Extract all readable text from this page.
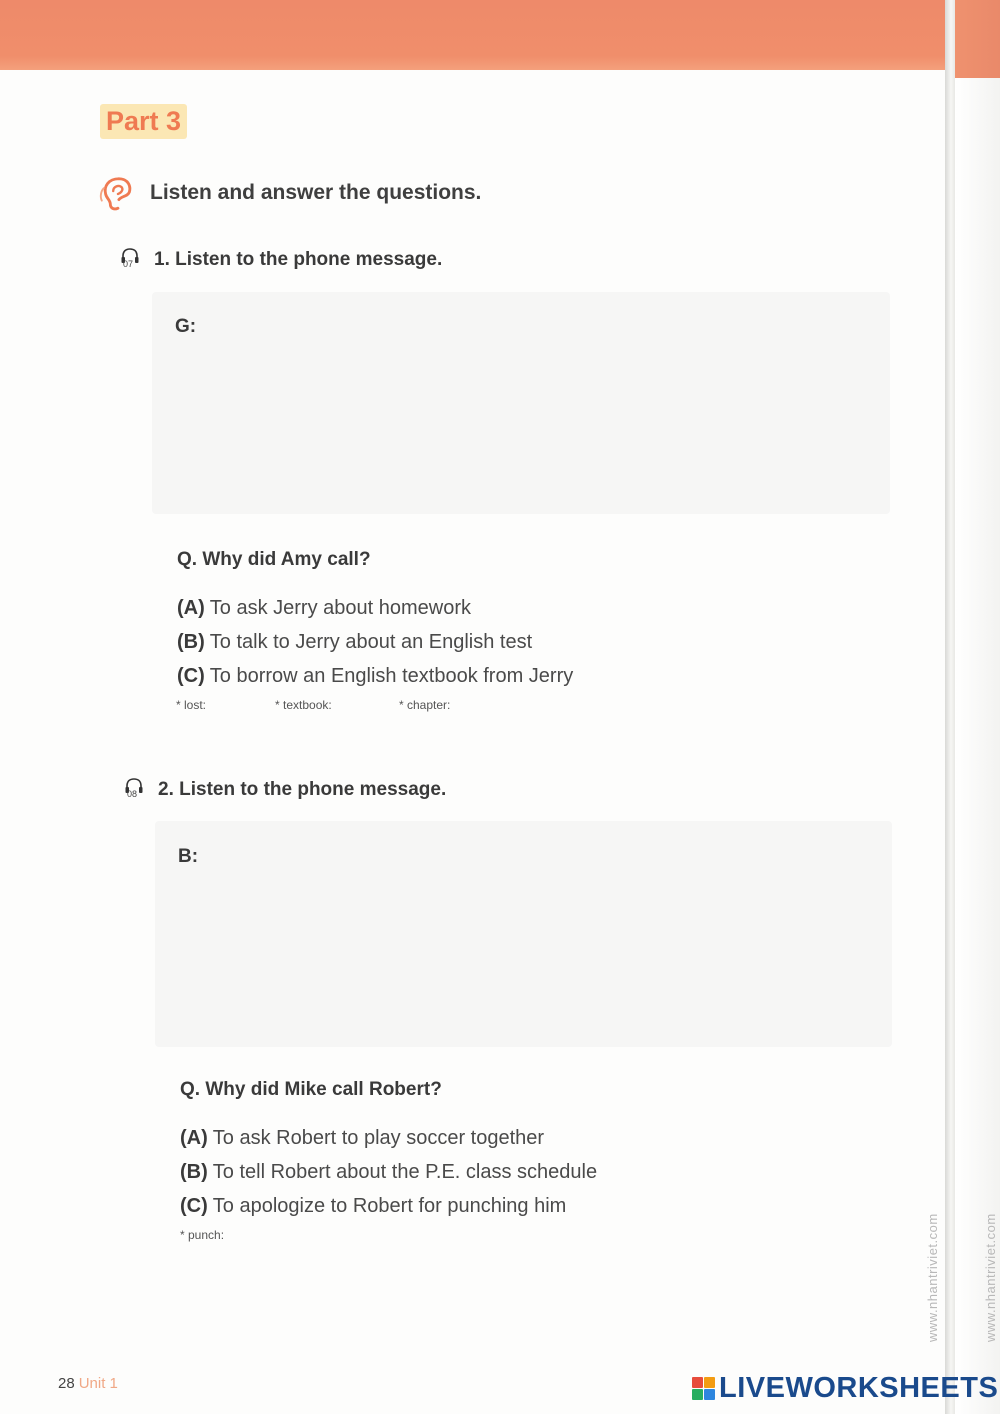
Part 3
Listen and answer the questions.
07 1. Listen to the phone message.
G:
Q. Why did Amy call?
(A) To ask Jerry about homework
(B) To talk to Jerry about an English test
(C) To borrow an English textbook from Jerry
* lost:	* textbook:	* chapter:
08 2. Listen to the phone message.
B:
Q. Why did Mike call Robert?
(A) To ask Robert to play soccer together
(B) To tell Robert about the P.E. class schedule
(C) To apologize to Robert for punching him
* punch:
28 Unit 1
www.nhantriviet.com	www.nhantriviet.com
LIVEWORKSHEETS
